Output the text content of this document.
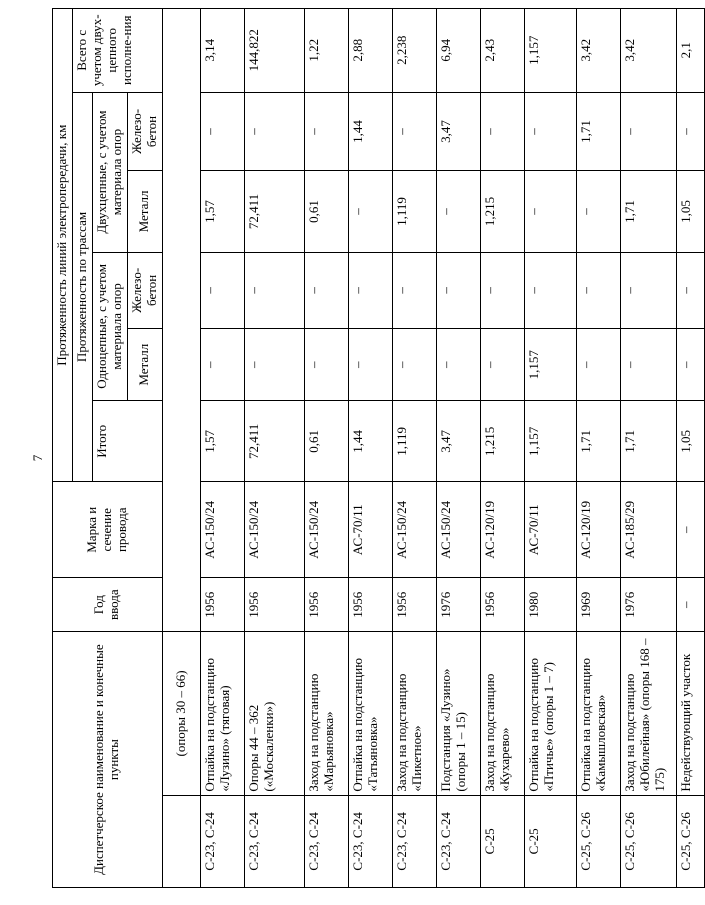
7
Диспетчерское наименование и конечные пункты		Год ввода	Марка и сечение провода	Протяженность линий электропередачи, км					
				Протяженность по трассам					Всего с учетом двух-цепного исполне-ния
				Итого	Одноцепные, с учетом материала опор		Двухцепные, с учетом материала опор		
					Металл	Железо-бетон	Металл	Железо-бетон	
	(опоры 30 – 66)								
С-23, С-24	Отпайка на подстанцию «Лузино» (тяговая)	1956	АС-150/24	1,57	–	–	1,57	–	3,14
С-23, С-24	Опоры 44 – 362 («Москаленки»)	1956	АС-150/24	72,411	–	–	72,411	–	144,822
С-23, С-24	Заход на подстанцию «Марьяновка»	1956	АС-150/24	0,61	–	–	0,61	–	1,22
С-23, С-24	Отпайка на подстанцию «Татьяновка»	1956	АС-70/11	1,44	–	–	–	1,44	2,88
С-23, С-24	Заход на подстанцию «Пикетное»	1956	АС-150/24	1,119	–	–	1,119	–	2,238
С-23, С-24	Подстанция «Лузино» (опоры 1 – 15)	1976	АС-150/24	3,47	–	–	–	3,47	6,94
С-25	Заход на подстанцию «Кухарево»	1956	АС-120/19	1,215	–	–	1,215	–	2,43
С-25	Отпайка на подстанцию «Птичье» (опоры 1 – 7)	1980	АС-70/11	1,157	1,157	–	–	–	1,157
С-25, С-26	Отпайка на подстанцию «Камышловская»	1969	АС-120/19	1,71	–	–	–	1,71	3,42
С-25, С-26	Заход на подстанцию «Юбилейная» (опоры 168 – 175)	1976	АС-185/29	1,71	–	–	1,71	–	3,42
С-25, С-26	Недействующий участок	–	–	1,05	–	–	1,05	–	2,1
